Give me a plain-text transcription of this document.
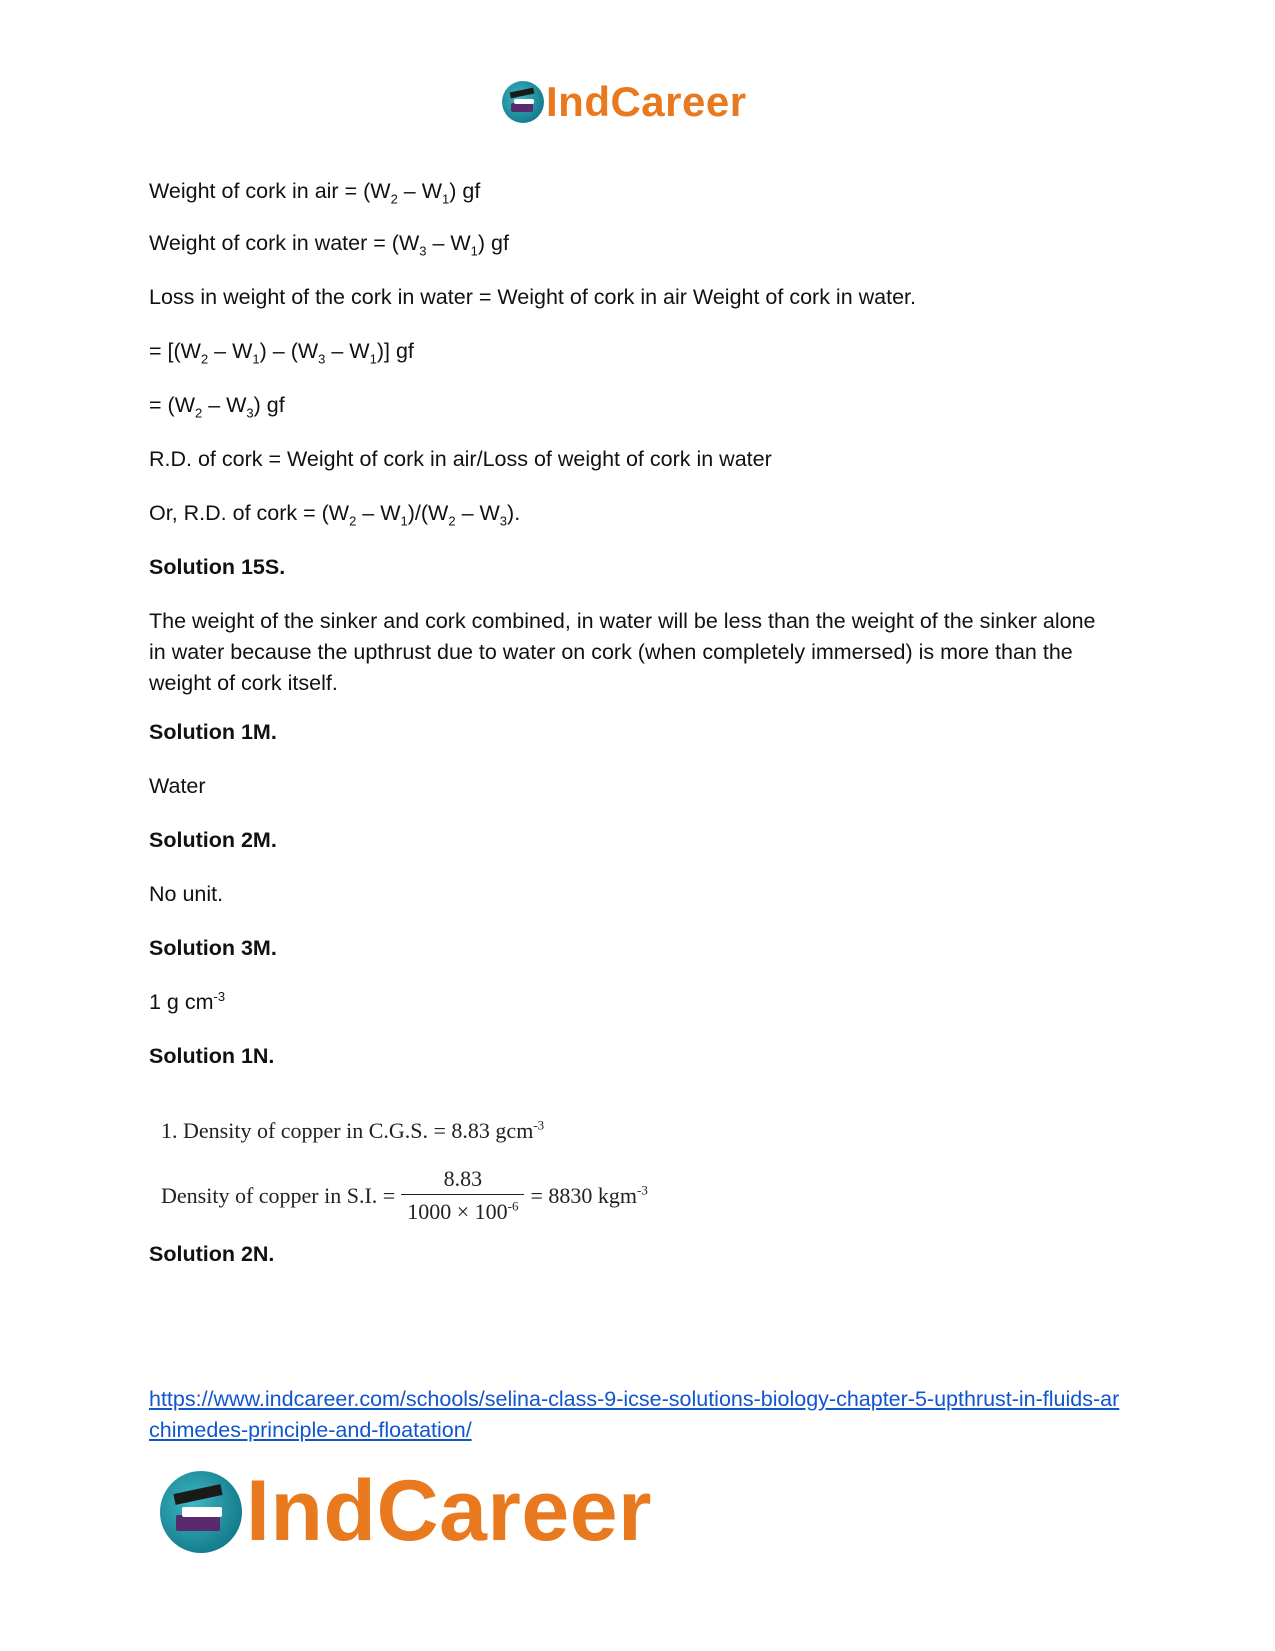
IndCareer
Weight of cork in air = $(W_2 - W_1)$ gf
Weight of cork in water = $(W_3 - W_1)$ gf
Loss in weight of the cork in water = Weight of cork in air Weight of cork in water.
= $[(W_2 - W_1) - (W_3 - W_1)]$ gf
= $(W_2 - W_3)$ gf
R.D. of cork = Weight of cork in air/Loss of weight of cork in water
Or, R.D. of cork = $(W_2 - W_1)/(W_2 - W_3)$.
Solution 15S.
The weight of the sinker and cork combined, in water will be less than the weight of the sinker alone in water because the upthrust due to water on cork (when completely immersed) is more than the weight of cork itself.
Solution 1M.
Water
Solution 2M.
No unit.
Solution 3M.
1 g $cm^{-3}$
Solution 1N.
Solution 2N.
1. Density of copper in C.G.S. = 8.83 gcm$^{-3}$
Density of copper in S.I. = $\frac{8.83}{1000 \times 100^{-6}} = 8830$ kgm$^{-3}$
https://www.indcareer.com/schools/selina-class-9-icse-solutions-biology-chapter-5-upthrust-in-fluids-archimedes-principle-and-floatation/
IndCareer
